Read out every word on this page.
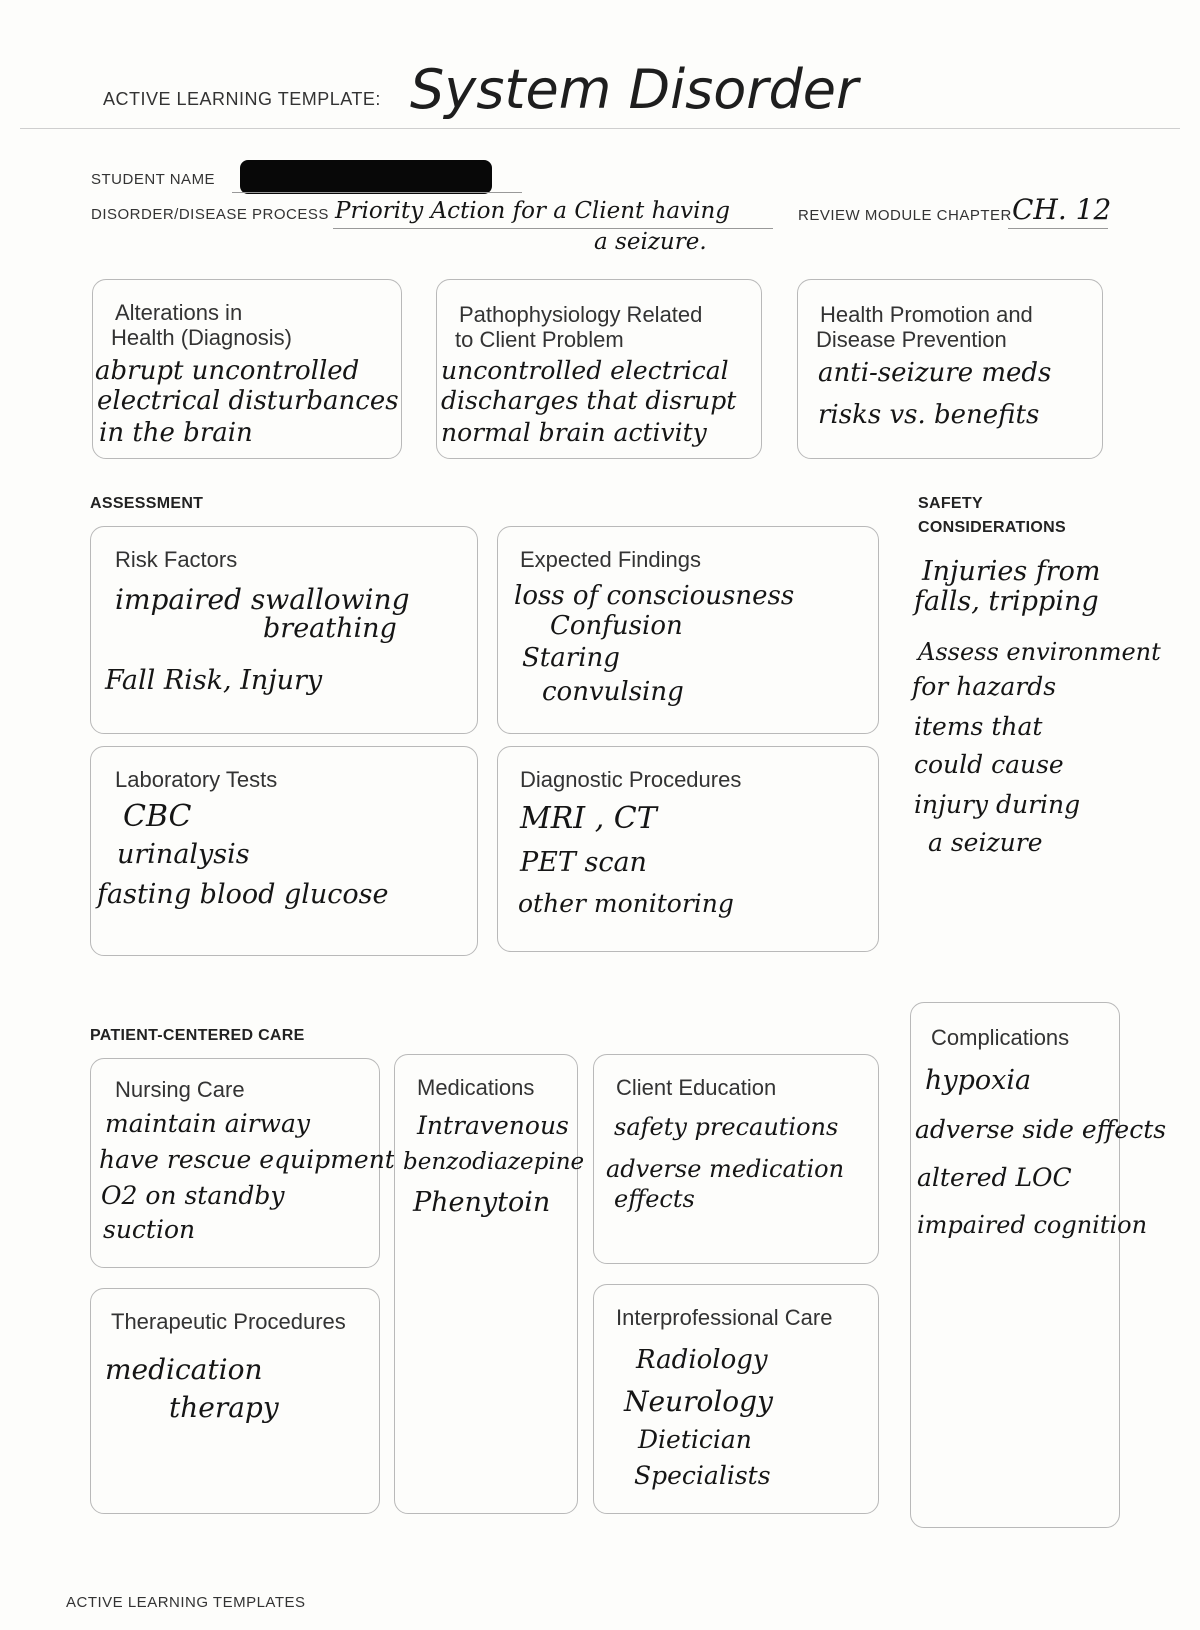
ACTIVE LEARNING TEMPLATE: System Disorder
STUDENT NAME
DISORDER/DISEASE PROCESS Priority Action for a Client having
a seizure.
REVIEW MODULE CHAPTER CH. 12
Alterations in
Health (Diagnosis)
abrupt uncontrolled
electrical disturbances
in the brain
Pathophysiology Related
to Client Problem
uncontrolled electrical
discharges that disrupt
normal brain activity
Health Promotion and
Disease Prevention
anti-seizure meds
risks vs. benefits
ASSESSMENT
Risk Factors
impaired swallowing
breathing
Fall Risk, Injury
Expected Findings
loss of consciousness
Confusion
Staring
convulsing
Laboratory Tests
CBC
urinalysis
fasting blood glucose
Diagnostic Procedures
MRI , CT
PET scan
other monitoring
SAFETY
CONSIDERATIONS
Injuries from
falls, tripping
Assess environment
for hazards
items that
could cause
injury during
a seizure
PATIENT-CENTERED CARE
Nursing Care
maintain airway
have rescue equipment
O2 on standby
suction
Medications
Intravenous
benzodiazepine
Phenytoin
Client Education
safety precautions
adverse medication
effects
Therapeutic Procedures
medication
therapy
Interprofessional Care
Radiology
Neurology
Dietician
Specialists
Complications
hypoxia
adverse side effects
altered LOC
impaired cognition
ACTIVE LEARNING TEMPLATES
